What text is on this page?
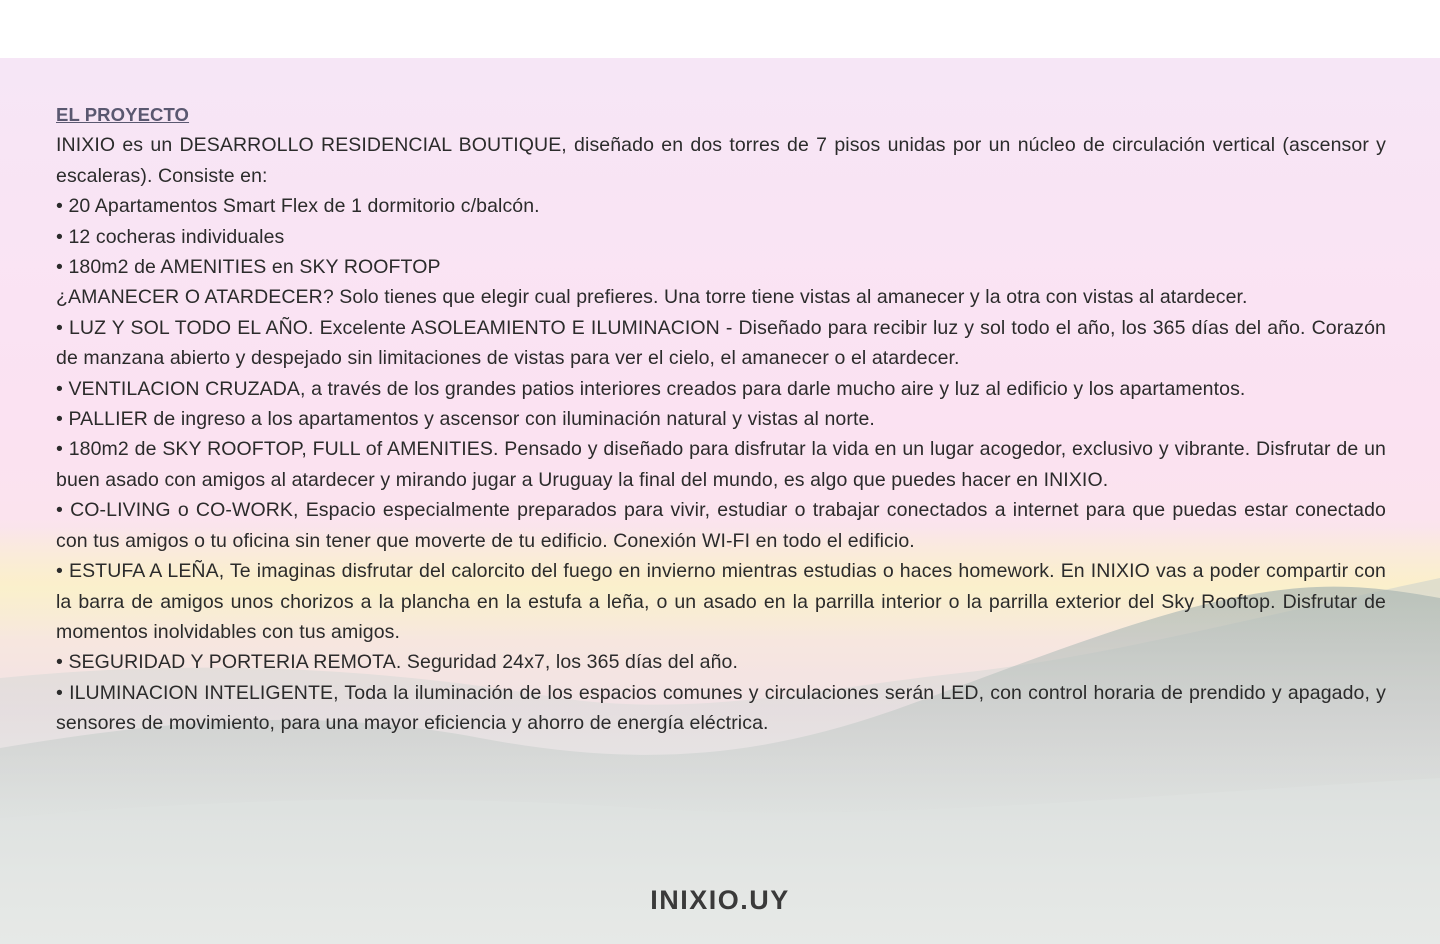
EL PROYECTO

INIXIO es un DESARROLLO RESIDENCIAL BOUTIQUE, diseñado en dos torres de 7 pisos unidas por un núcleo de circulación vertical (ascensor y escaleras). Consiste en:

• 20 Apartamentos Smart Flex de 1 dormitorio c/balcón.

• 12 cocheras individuales

• 180m2 de AMENITIES en SKY ROOFTOP

¿AMANECER O ATARDECER? Solo tienes que elegir cual prefieres. Una torre tiene vistas al amanecer y la otra con vistas al atardecer.

• LUZ Y SOL TODO EL AÑO. Excelente ASOLEAMIENTO E ILUMINACION - Diseñado para recibir luz y sol todo el año, los 365 días del año. Corazón de manzana abierto y despejado sin limitaciones de vistas para ver el cielo, el amanecer o el atardecer.

• VENTILACION CRUZADA, a través de los grandes patios interiores creados para darle mucho aire y luz al edificio y los apartamentos.

• PALLIER de ingreso a los apartamentos y ascensor con iluminación natural y vistas al norte.

• 180m2 de SKY ROOFTOP, FULL of AMENITIES. Pensado y diseñado para disfrutar la vida en un lugar acogedor, exclusivo y vibrante. Disfrutar de un buen asado con amigos al atardecer y mirando jugar a Uruguay la final del mundo, es algo que puedes hacer en INIXIO.

• CO-LIVING o CO-WORK, Espacio especialmente preparados para vivir, estudiar o trabajar conectados a internet para que puedas estar conectado con tus amigos o tu oficina sin tener que moverte de tu edificio. Conexión WI-FI en todo el edificio.

• ESTUFA A LEÑA, Te imaginas disfrutar del calorcito del fuego en invierno mientras estudias o haces homework. En INIXIO vas a poder compartir con la barra de amigos unos chorizos a la plancha en la estufa a leña, o un asado en la parrilla interior o la parrilla exterior del Sky Rooftop. Disfrutar de momentos inolvidables con tus amigos.

• SEGURIDAD Y PORTERIA REMOTA. Seguridad 24x7, los 365 días del año.

• ILUMINACION INTELIGENTE, Toda la iluminación de los espacios comunes y circulaciones serán LED, con control horaria de prendido y apagado, y sensores de movimiento, para una mayor eficiencia y ahorro de energía eléctrica.

INIXIO.UY
